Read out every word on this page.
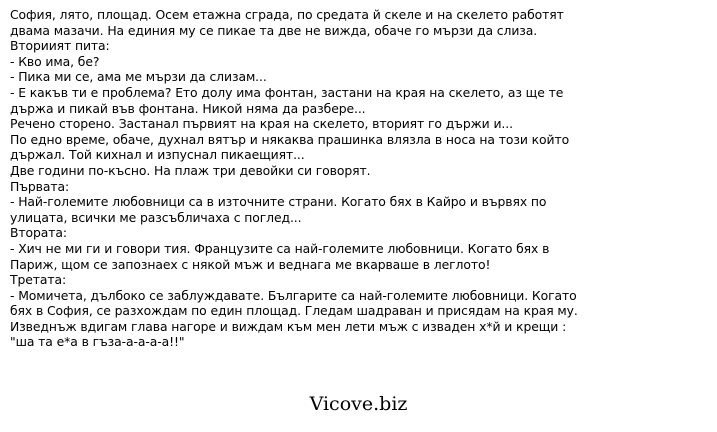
София, лято, площад. Осем етажна сграда, по средата й скеле и на скелето работят
двама мазачи. На единия му се пикае та две не вижда, обаче го мързи да слиза.
Вториият пита:
- Кво има, бе?
- Пика ми се, ама ме мързи да слизам...
- Е какъв ти е проблема? Ето долу има фонтан, застани на края на скелето, аз ще те
държа и пикай във фонтана. Никой няма да разбере...
Речено сторено. Застанал първият на края на скелето, вторият го държи и...
По едно време, обаче, духнал вятър и някаква прашинка влязла в носа на този който
държал. Той кихнал и изпуснал пикаещият...
Две години по-късно. На плаж три девойки си говорят.
Първата:
- Най-големите любовници са в източните страни. Когато бях в Кайро и вървях по
улицата, всички ме разсъбличаха с поглед...
Втората:
- Хич не ми ги и говори тия. Французите са най-големите любовници. Когато бях в
Париж, щом се запознаех с някой мъж и веднага ме вкарваше в леглото!
Третата:
- Момичета, дълбоко се заблуждавате. Българите са най-големите любовници. Когато
бях в София, се разхождам по един площад. Гледам шадраван и присядам на края му.
Изведнъж вдигам глава нагоре и виждам към мен лети мъж с изваден х*й и крещи :
"ша та е*а в гъза-а-а-а-а!!"
Vicove.biz
